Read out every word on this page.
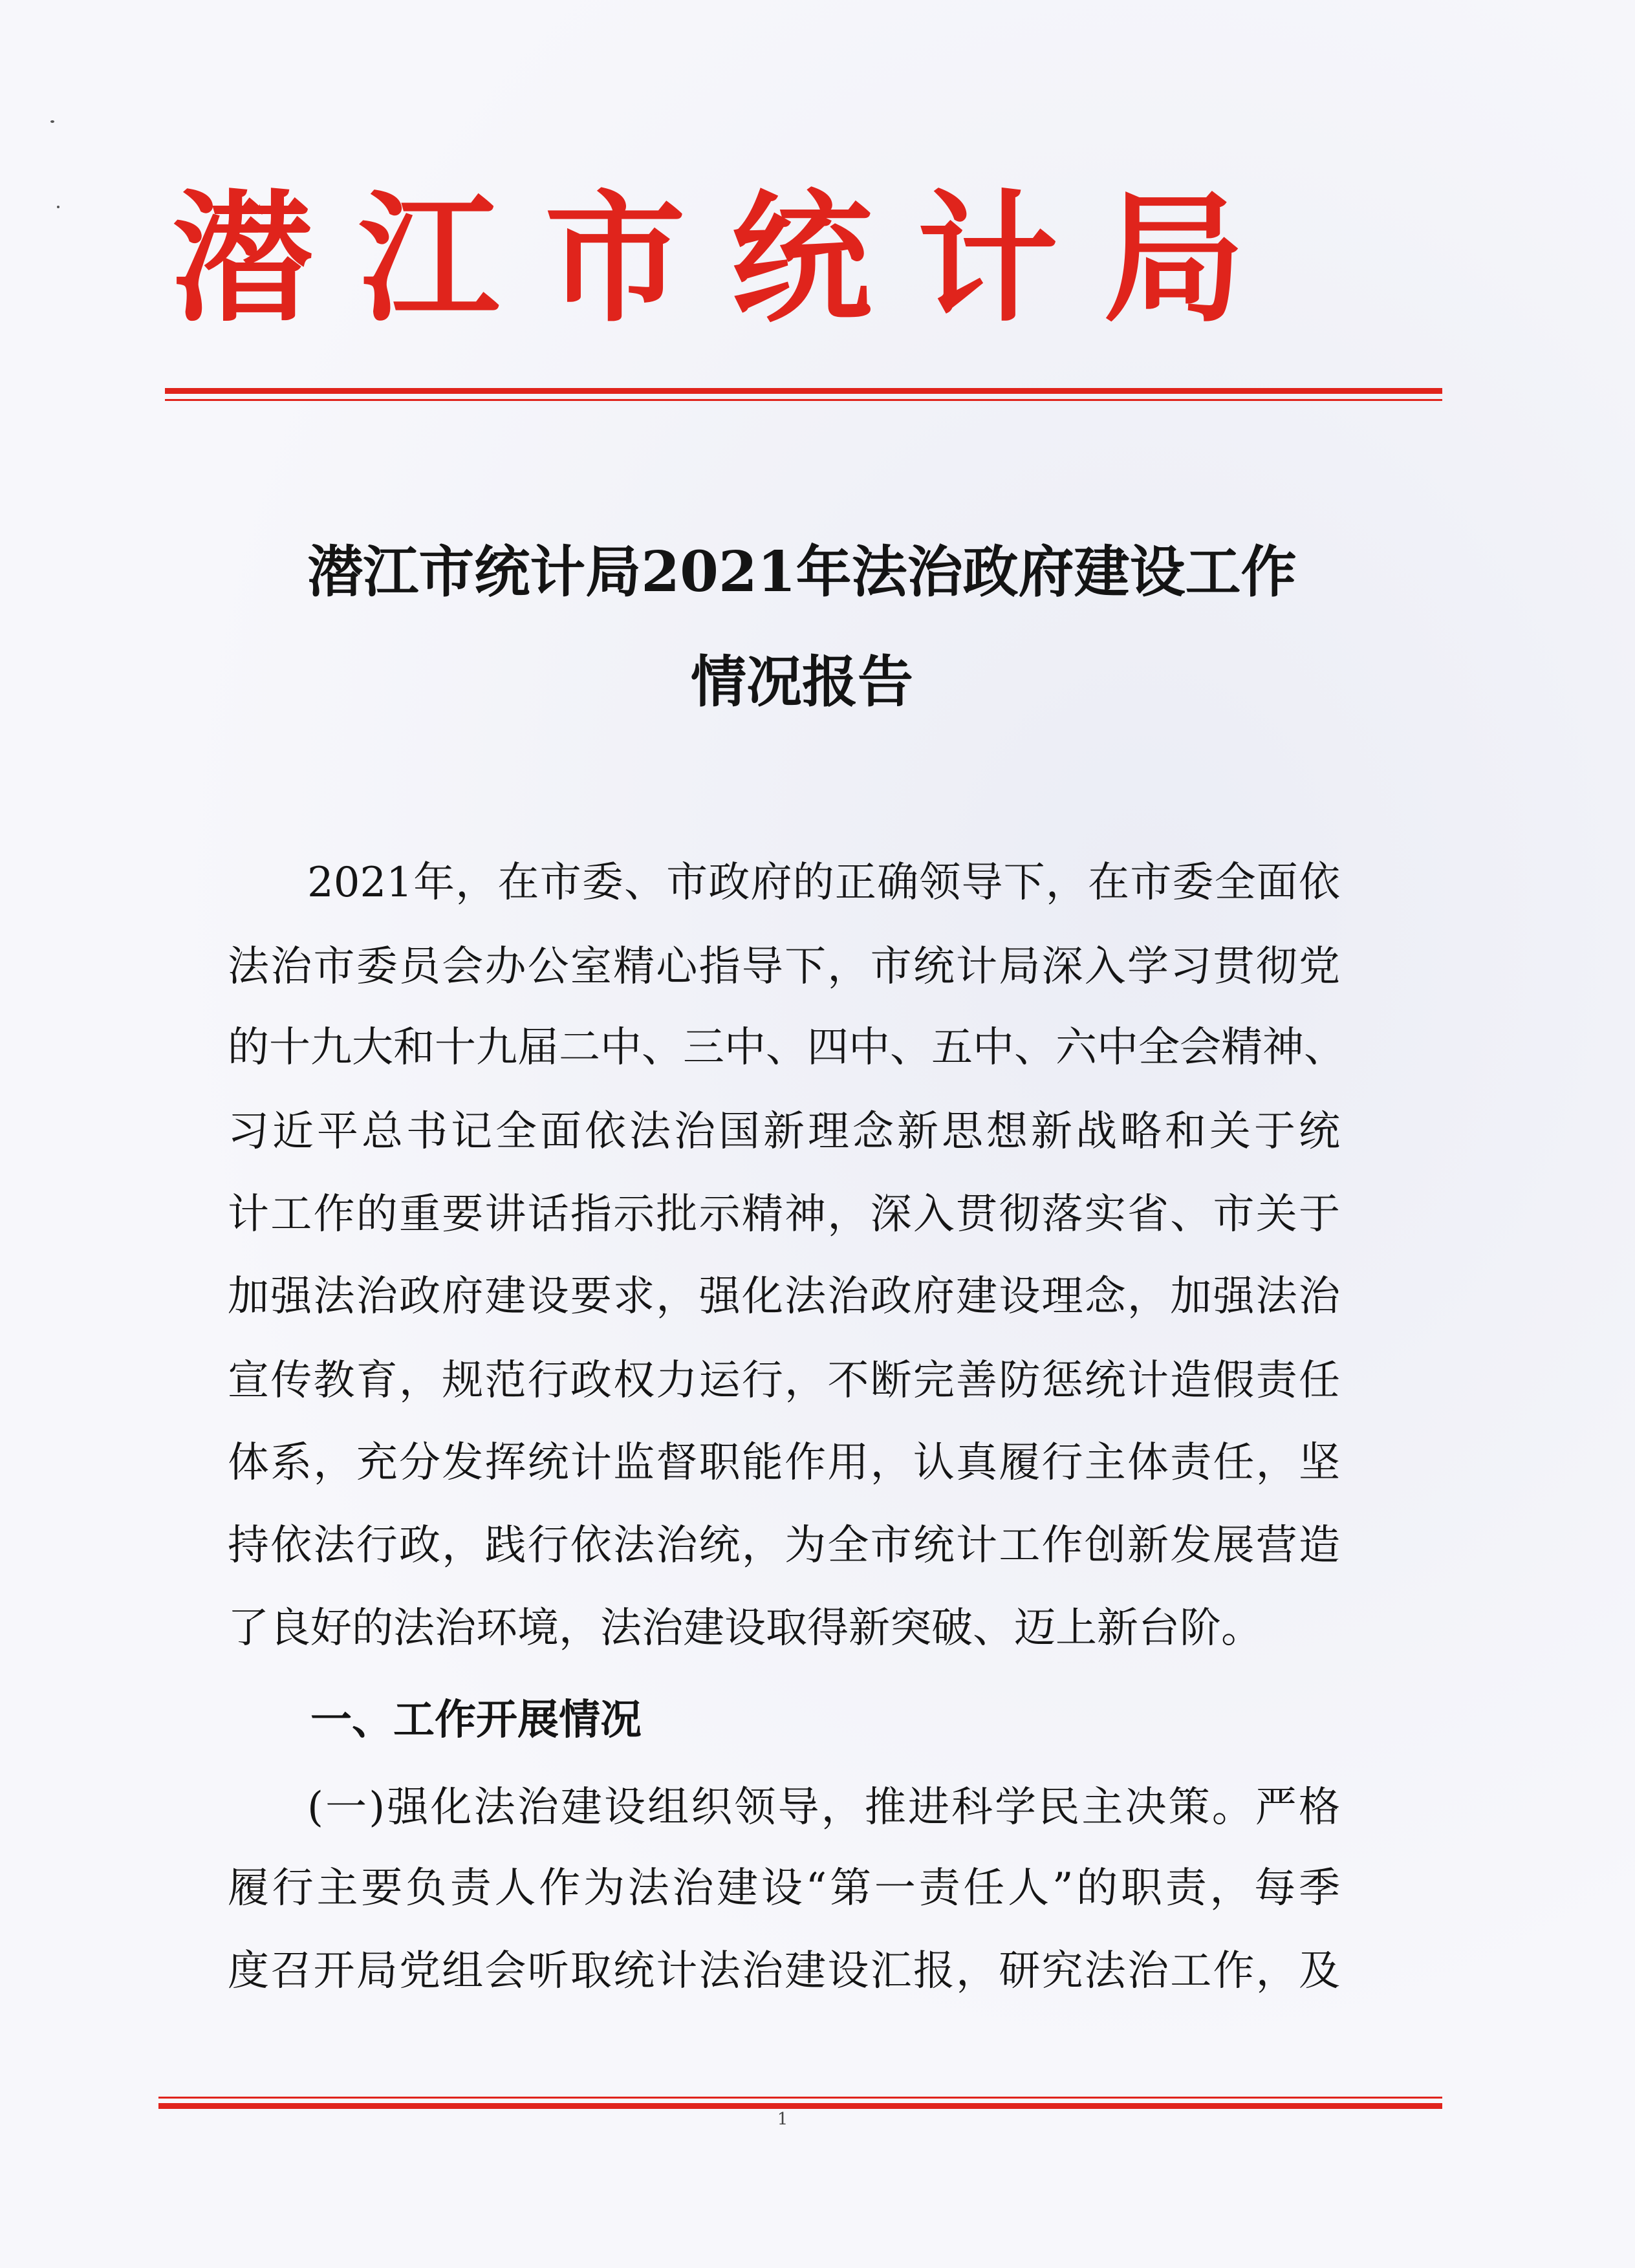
潜江市统计局
潜江市统计局2021年法治政府建设工作
情况报告
2021年，在市委、市政府的正确领导下，在市委全面依
法治市委员会办公室精心指导下，市统计局深入学习贯彻党
的十九大和十九届二中、三中、四中、五中、六中全会精神、
习近平总书记全面依法治国新理念新思想新战略和关于统
计工作的重要讲话指示批示精神，深入贯彻落实省、市关于
加强法治政府建设要求，强化法治政府建设理念，加强法治
宣传教育，规范行政权力运行，不断完善防惩统计造假责任
体系，充分发挥统计监督职能作用，认真履行主体责任，坚
持依法行政，践行依法治统，为全市统计工作创新发展营造
了良好的法治环境，法治建设取得新突破、迈上新台阶。
一、工作开展情况
(一)强化法治建设组织领导，推进科学民主决策。严格
履行主要负责人作为法治建设“第一责任人”的职责，每季
度召开局党组会听取统计法治建设汇报，研究法治工作，及
1
